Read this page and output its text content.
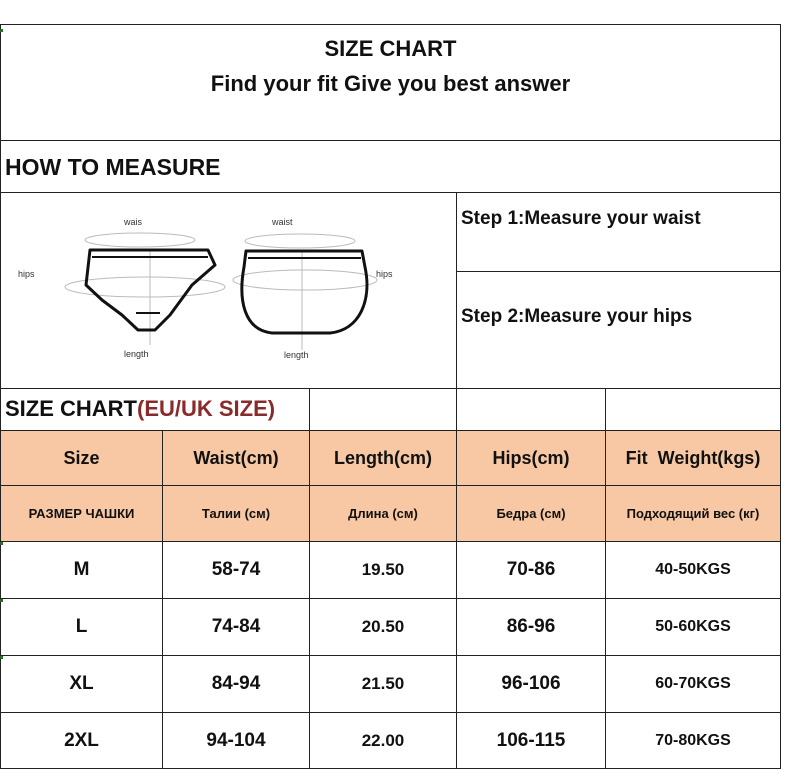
SIZE CHART
Find your fit Give you best answer
HOW TO MEASURE
Step 1:Measure your waist
Step 2:Measure your hips
wais
hips
length
waist
hips
length
SIZE CHART(EU/UK SIZE)
Size	Waist(cm)	Length(cm)	Hips(cm)	Fit  Weight(kgs)
РАЗМЕР ЧАШКИ	Талии (см)	Длина (см)	Бедра (см)	Подходящий вес (кг)
M	58-74	19.50	70-86	40-50KGS
L	74-84	20.50	86-96	50-60KGS
XL	84-94	21.50	96-106	60-70KGS
2XL	94-104	22.00	106-115	70-80KGS
